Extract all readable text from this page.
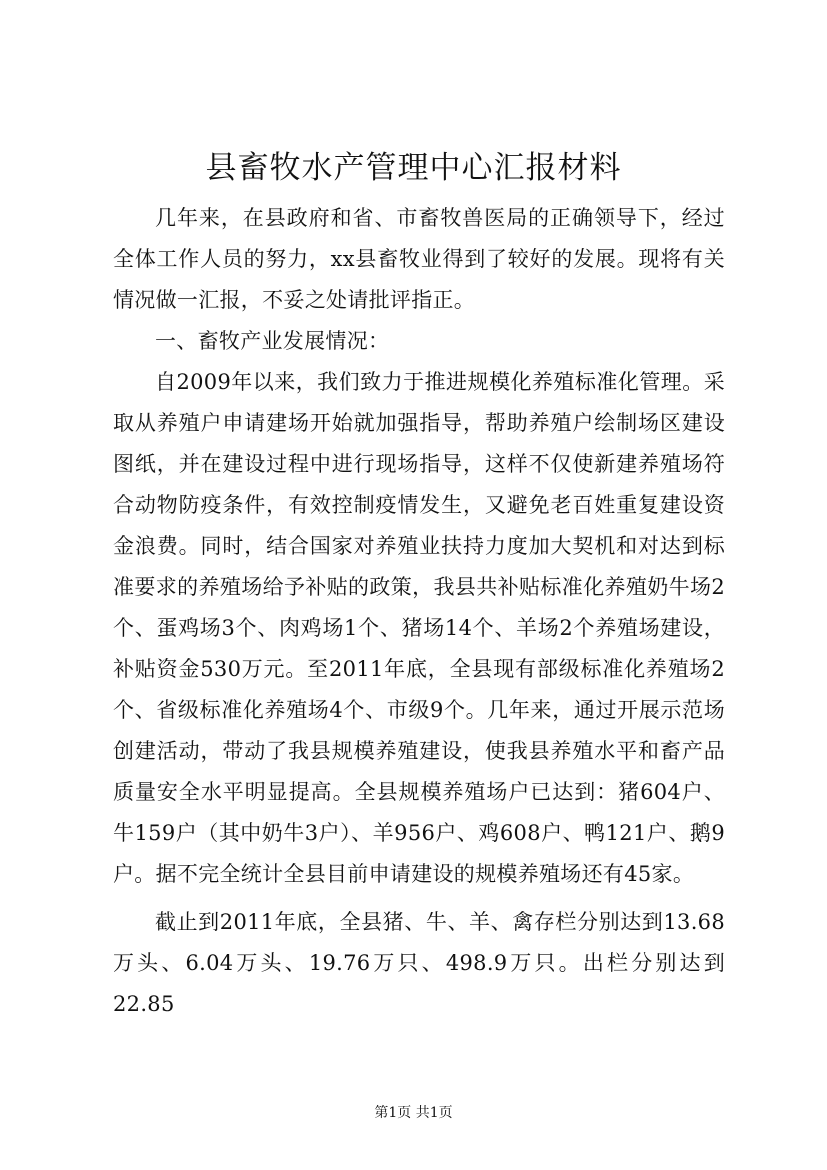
县畜牧水产管理中心汇报材料

几年来，在县政府和省、市畜牧兽医局的正确领导下，经过全体工作人员的努力，xx县畜牧业得到了较好的发展。现将有关情况做一汇报，不妥之处请批评指正。

一、畜牧产业发展情况：

自2009年以来，我们致力于推进规模化养殖标准化管理。采取从养殖户申请建场开始就加强指导，帮助养殖户绘制场区建设图纸，并在建设过程中进行现场指导，这样不仅使新建养殖场符合动物防疫条件，有效控制疫情发生，又避免老百姓重复建设资金浪费。同时，结合国家对养殖业扶持力度加大契机和对达到标准要求的养殖场给予补贴的政策，我县共补贴标准化养殖奶牛场2个、蛋鸡场3个、肉鸡场1个、猪场14个、羊场2个养殖场建设，补贴资金530万元。至2011年底，全县现有部级标准化养殖场2个、省级标准化养殖场4个、市级9个。几年来，通过开展示范场创建活动，带动了我县规模养殖建设，使我县养殖水平和畜产品质量安全水平明显提高。全县规模养殖场户已达到：猪604户、牛159户（其中奶牛3户）、羊956户、鸡608户、鸭121户、鹅9户。据不完全统计全县目前申请建设的规模养殖场还有45家。

截止到2011年底，全县猪、牛、羊、禽存栏分别达到13.68万头、6.04万头、19.76万只、498.9万只。出栏分别达到22.85

第1页 共1页
